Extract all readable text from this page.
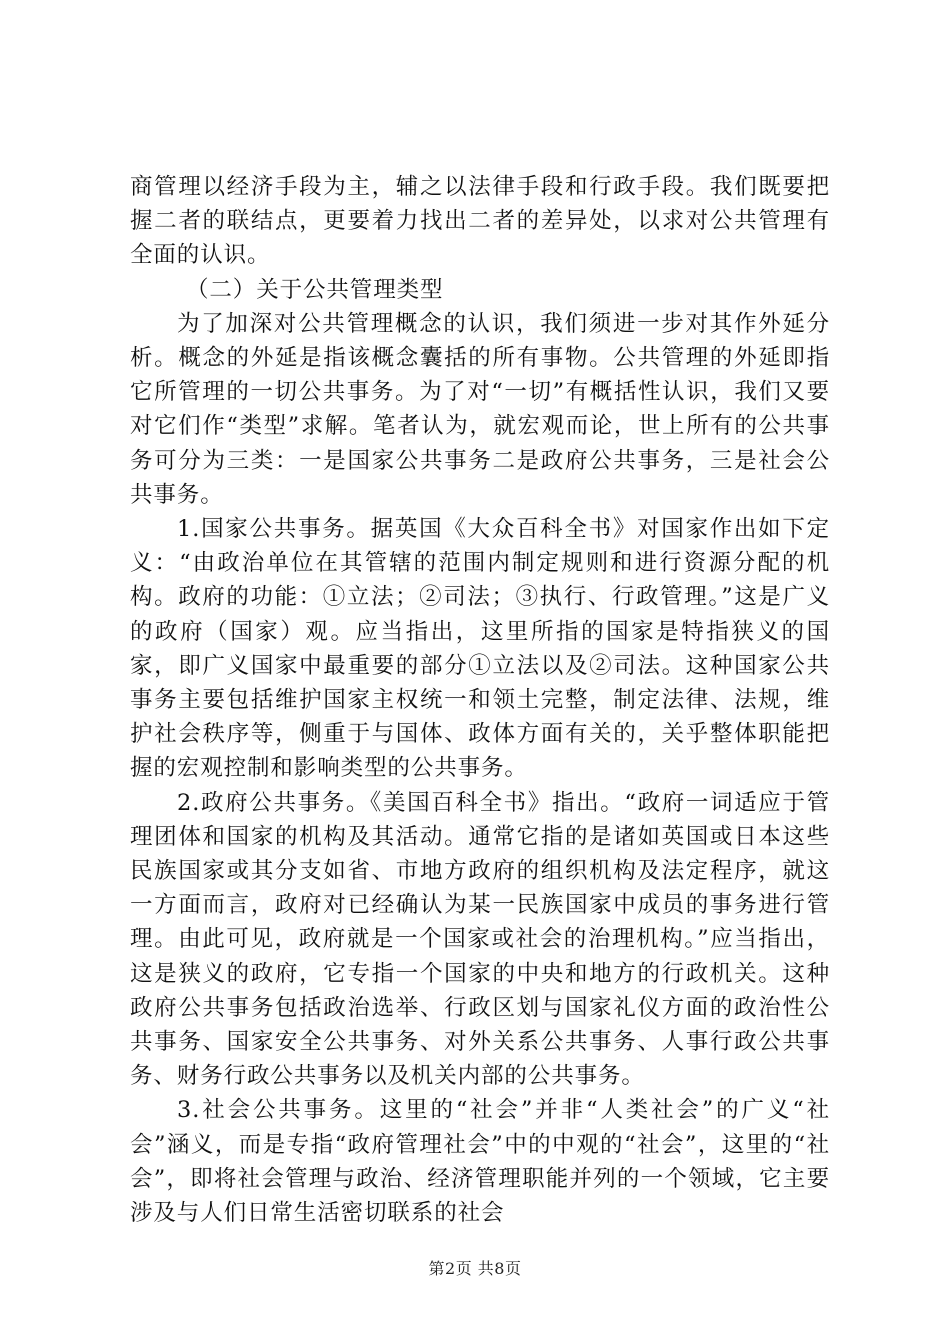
商管理以经济手段为主，辅之以法律手段和行政手段。我们既要把握二者的联结点，更要着力找出二者的差异处，以求对公共管理有全面的认识。

（二）关于公共管理类型

为了加深对公共管理概念的认识，我们须进一步对其作外延分析。概念的外延是指该概念囊括的所有事物。公共管理的外延即指它所管理的一切公共事务。为了对“一切”有概括性认识，我们又要对它们作“类型”求解。笔者认为，就宏观而论，世上所有的公共事务可分为三类：一是国家公共事务二是政府公共事务，三是社会公共事务。

1.国家公共事务。据英国《大众百科全书》对国家作出如下定义：“由政治单位在其管辖的范围内制定规则和进行资源分配的机构。政府的功能：①立法；②司法；③执行、行政管理。”这是广义的政府（国家）观。应当指出，这里所指的国家是特指狭义的国家，即广义国家中最重要的部分①立法以及②司法。这种国家公共事务主要包括维护国家主权统一和领土完整，制定法律、法规，维护社会秩序等，侧重于与国体、政体方面有关的，关乎整体职能把握的宏观控制和影响类型的公共事务。

2.政府公共事务。《美国百科全书》指出。“政府一词适应于管理团体和国家的机构及其活动。通常它指的是诸如英国或日本这些民族国家或其分支如省、市地方政府的组织机构及法定程序，就这一方面而言，政府对已经确认为某一民族国家中成员的事务进行管理。由此可见，政府就是一个国家或社会的治理机构。”应当指出，这是狭义的政府，它专指一个国家的中央和地方的行政机关。这种政府公共事务包括政治选举、行政区划与国家礼仪方面的政治性公共事务、国家安全公共事务、对外关系公共事务、人事行政公共事务、财务行政公共事务以及机关内部的公共事务。

3.社会公共事务。这里的“社会”并非“人类社会”的广义“社会”涵义，而是专指“政府管理社会”中的中观的“社会”，这里的“社会”，即将社会管理与政治、经济管理职能并列的一个领域，它主要涉及与人们日常生活密切联系的社会

第2页 共8页
